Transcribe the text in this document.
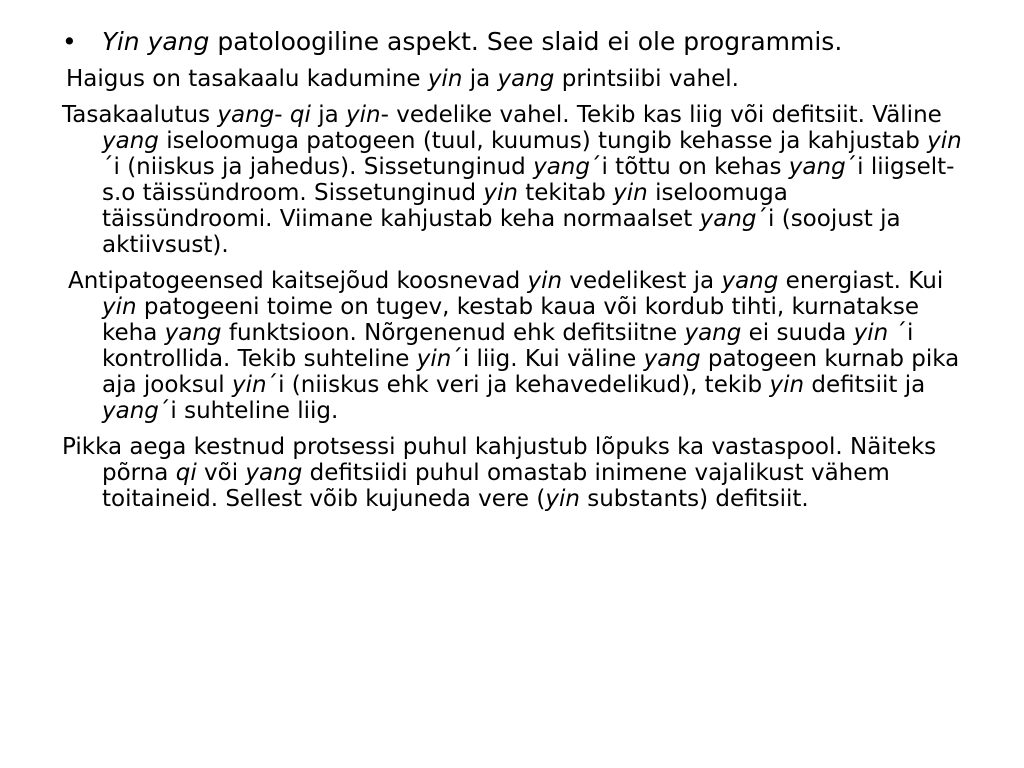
• Yin yang patoloogiline aspekt. See slaid ei ole programmis.

Haigus on tasakaalu kadumine yin ja yang printsiibi vahel.

Tasakaalutus yang- qi ja yin- vedelike vahel. Tekib kas liig või defitsiit. Väline yang iseloomuga patogeen (tuul, kuumus) tungib kehasse ja kahjustab yin´i (niiskus ja jahedus). Sissetunginud yang´i tõttu on kehas yang´i liigselt- s.o täissündroom. Sissetunginud yin tekitab yin iseloomuga täissündroomi. Viimane kahjustab keha normaalset yang´i (soojust ja aktiivsust).

Antipatogeensed kaitsejõud koosnevad yin vedelikest ja yang energiast. Kui yin patogeeni toime on tugev, kestab kaua või kordub tihti, kurnatakse keha yang funktsioon. Nõrgenenud ehk defitsiitne yang ei suuda yin ´i kontrollida. Tekib suhteline yin´i liig. Kui väline yang patogeen kurnab pika aja jooksul yin´i (niiskus ehk veri ja kehavedelikud), tekib yin defitsiit ja yang´i suhteline liig.

Pikka aega kestnud protsessi puhul kahjustub lõpuks ka vastaspool. Näiteks põrna qi või yang defitsiidi puhul omastab inimene vajalikust vähem toitaineid. Sellest võib kujuneda vere (yin substants) defitsiit.
